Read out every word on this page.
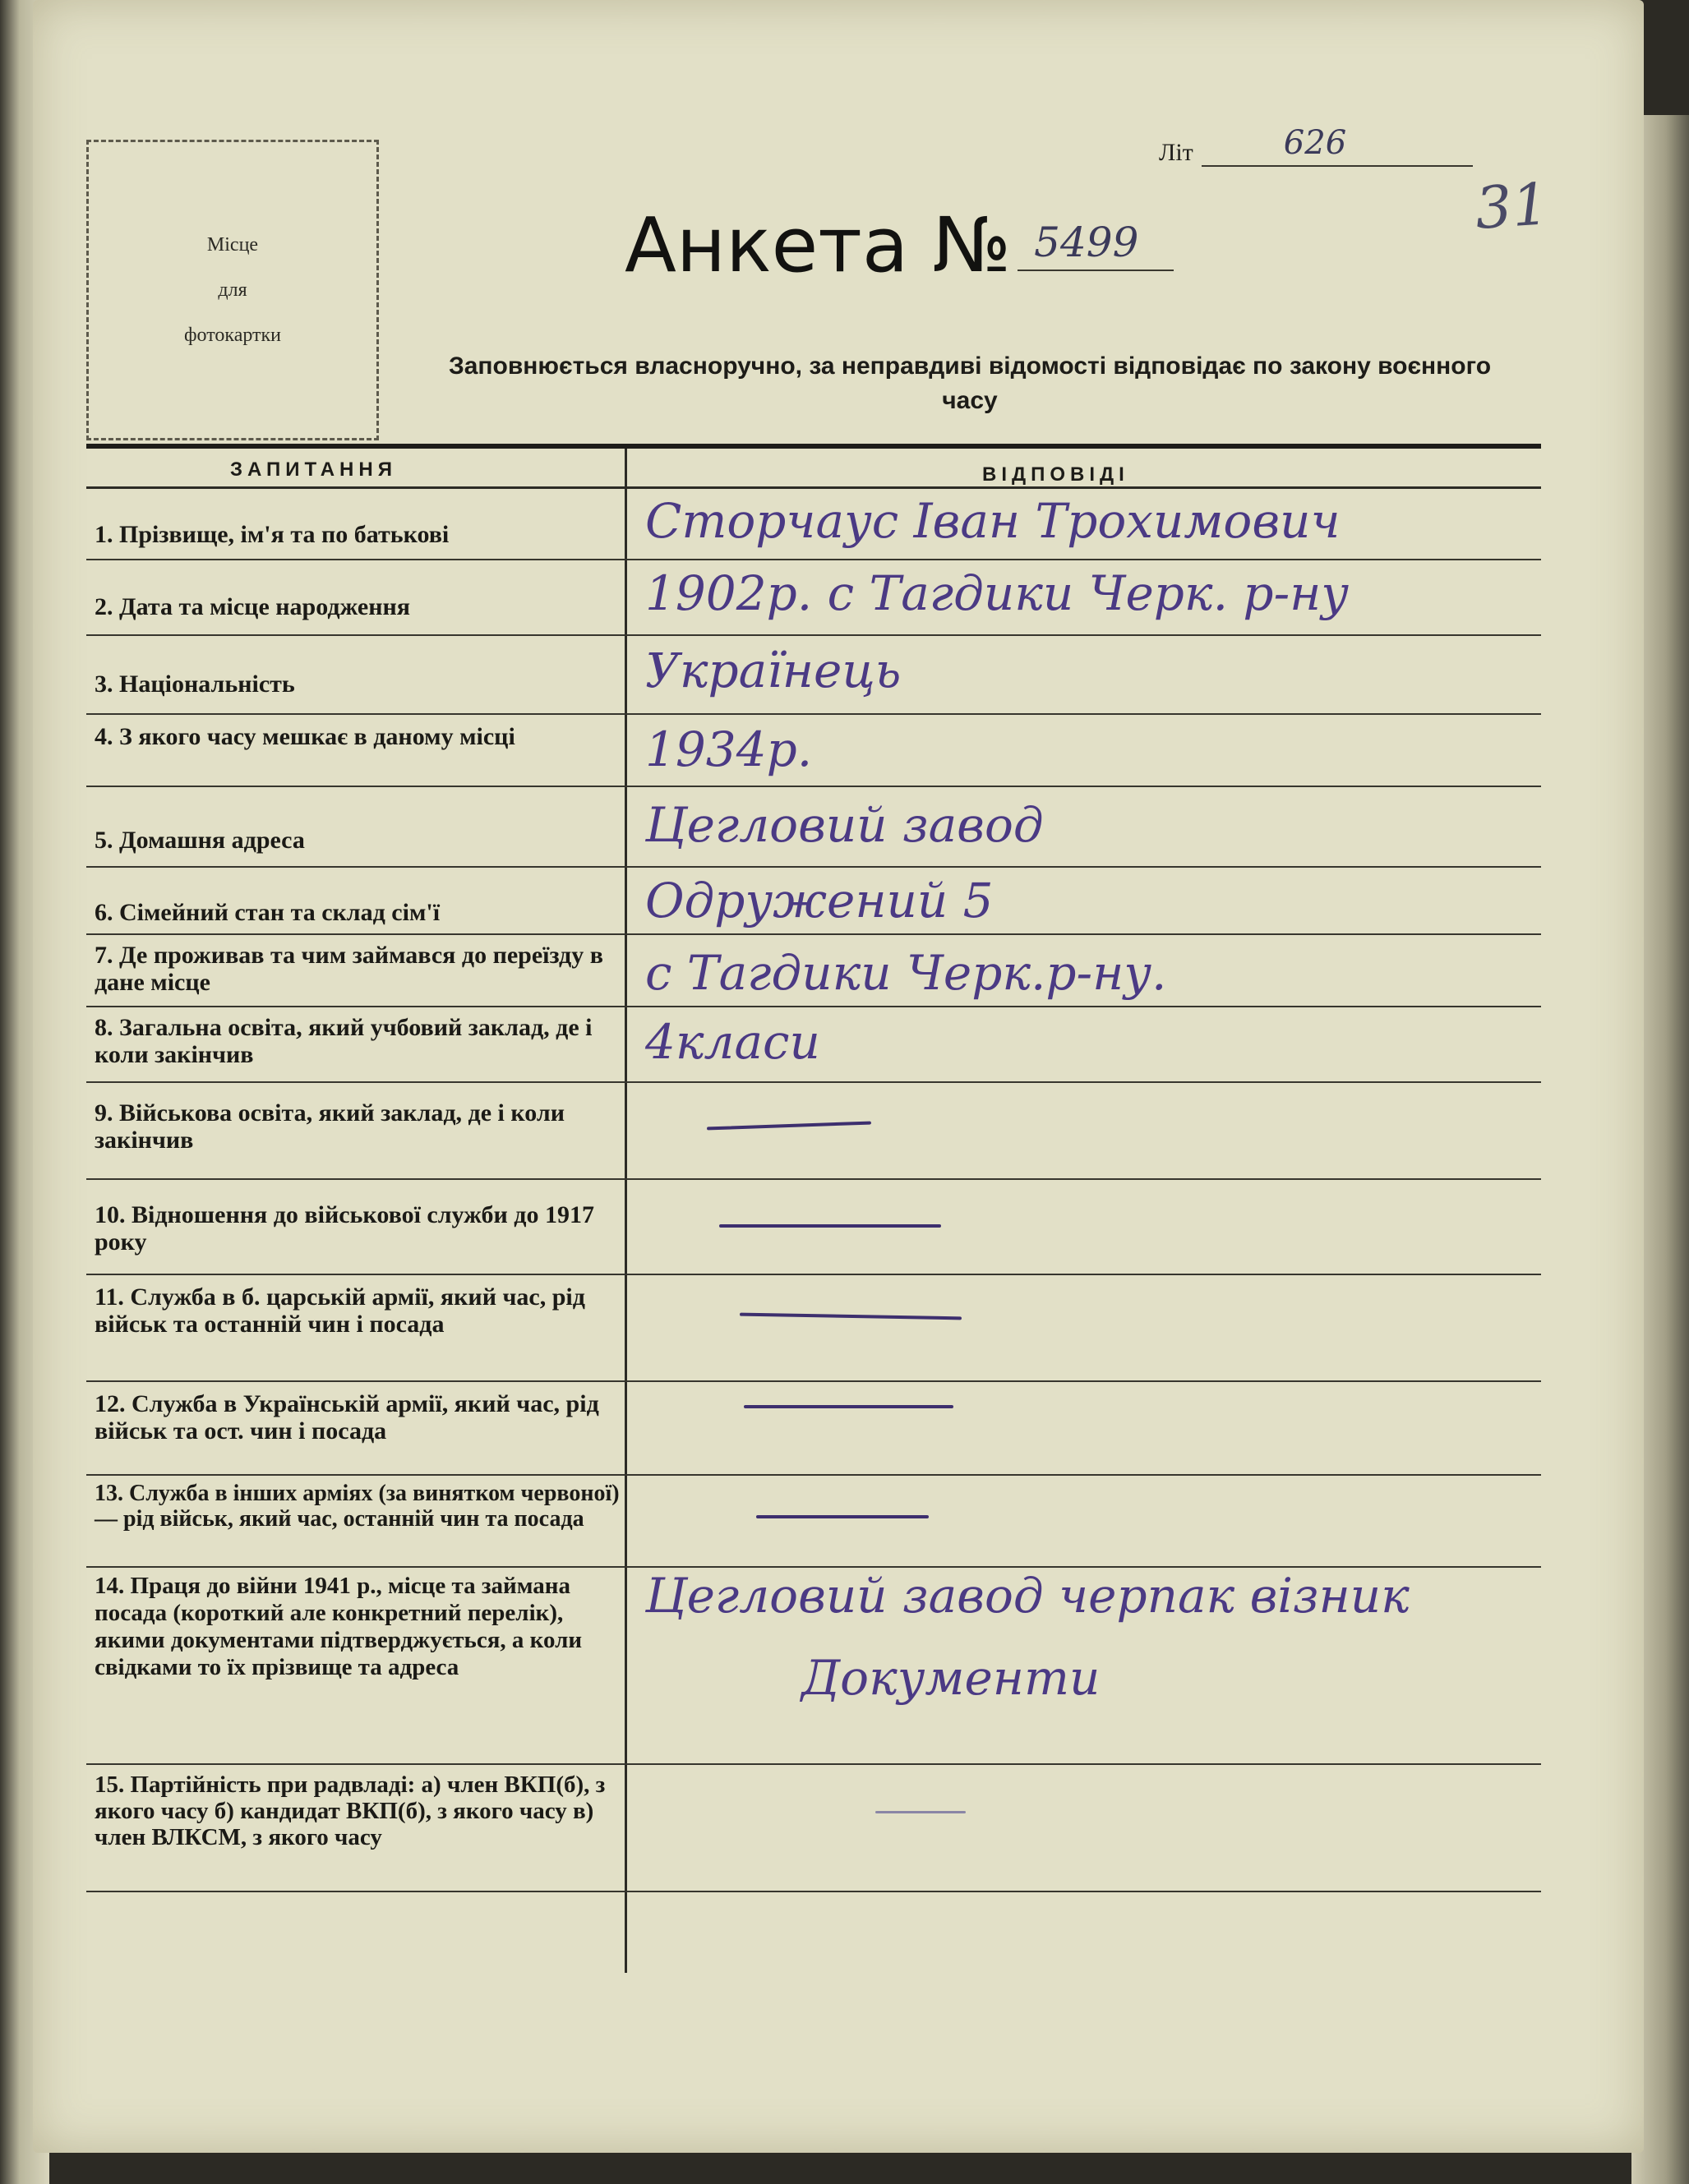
Місце
для
фотокартки
Літ	626
31
Анкета № 5499
Заповнюється власноручно, за неправдиві відомості відповідає по закону воєнного часу
ЗАПИТАННЯ	ВІДПОВІДІ
1. Прізвище, ім'я та по батькові	Сторчаус Іван Трохимович
2. Дата та місце народження	1902р. с Тагдики Черк. р-ну
3. Національність	Українець
4. З якого часу мешкає в даному місці	1934р.
5. Домашня адреса	Цегловий завод
6. Сімейний стан та склад сім'ї	Одружений 5
7. Де проживав та чим займався до переїзду в дане місце	с Тагдики Черк.р-ну.
8. Загальна освіта, який учбовий заклад, де і коли закінчив	4класи
9. Військова освіта, який заклад, де і коли закінчив
10. Відношення до військової служби до 1917 року
11. Служба в б. царській армії, який час, рід військ та останній чин і посада
12. Служба в Українській армії, який час, рід військ та ост. чин і посада
13. Служба в інших арміях (за винятком червоної) — рід військ, який час, останній чин та посада
14. Праця до війни 1941 р., місце та займана посада (короткий але конкретний перелік), якими документами підтверджується, а коли свідками то їх прізвище та адреса
Цегловий завод черпак візник
Документи
15. Партійність при радвладі: а) член ВКП(б), з якого часу б) кандидат ВКП(б), з якого часу в) член ВЛКСМ, з якого часу
